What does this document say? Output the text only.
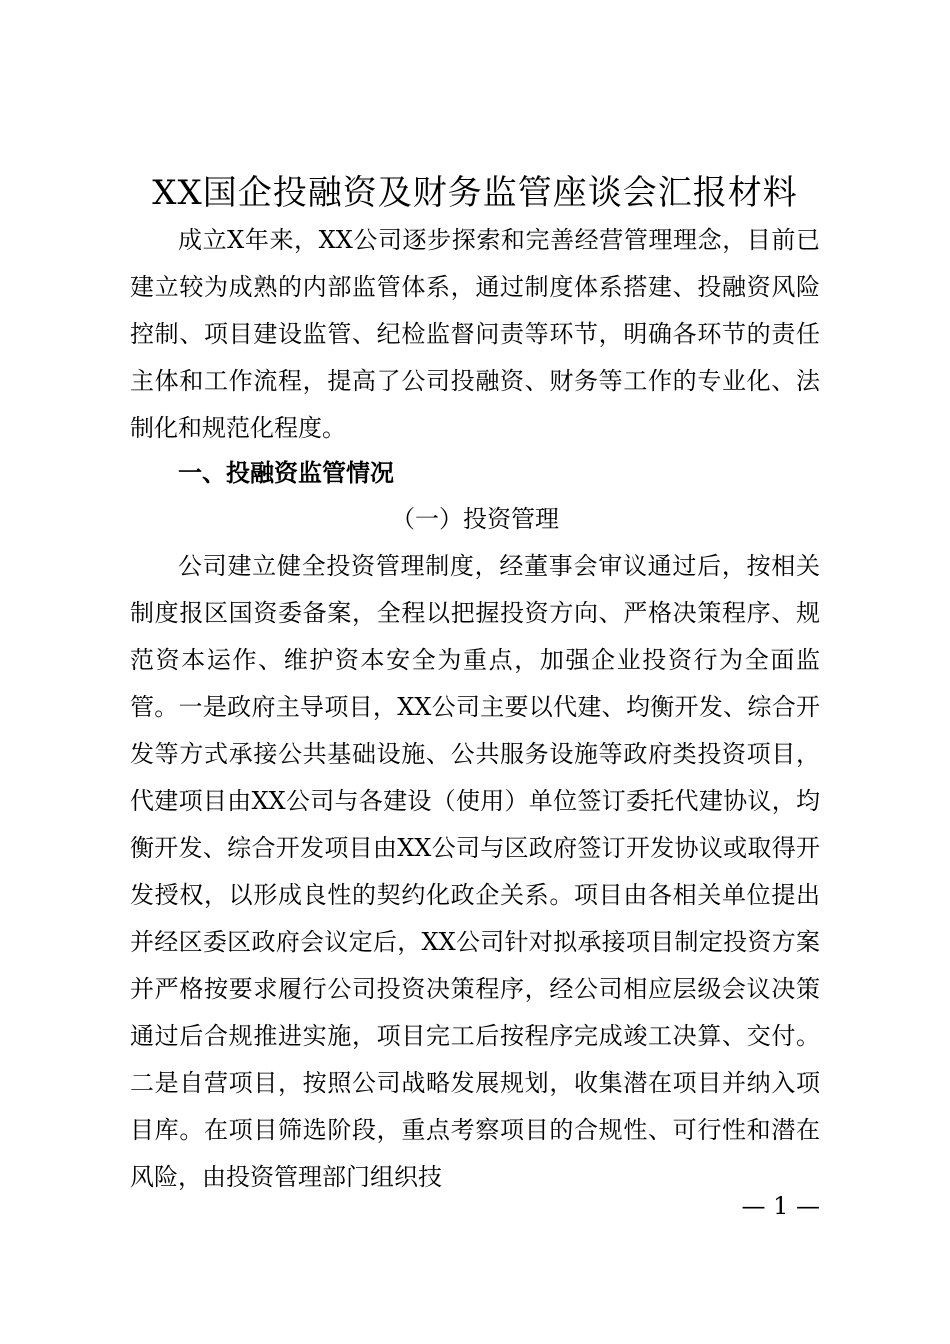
XX国企投融资及财务监管座谈会汇报材料

成立X年来，XX公司逐步探索和完善经营管理理念，目前已建立较为成熟的内部监管体系，通过制度体系搭建、投融资风险控制、项目建设监管、纪检监督问责等环节，明确各环节的责任主体和工作流程，提高了公司投融资、财务等工作的专业化、法制化和规范化程度。

一、投融资监管情况
（一）投资管理

公司建立健全投资管理制度，经董事会审议通过后，按相关制度报区国资委备案，全程以把握投资方向、严格决策程序、规范资本运作、维护资本安全为重点，加强企业投资行为全面监管。一是政府主导项目，XX公司主要以代建、均衡开发、综合开发等方式承接公共基础设施、公共服务设施等政府类投资项目，代建项目由XX公司与各建设（使用）单位签订委托代建协议，均衡开发、综合开发项目由XX公司与区政府签订开发协议或取得开发授权，以形成良性的契约化政企关系。项目由各相关单位提出并经区委区政府会议定后，XX公司针对拟承接项目制定投资方案并严格按要求履行公司投资决策程序，经公司相应层级会议决策通过后合规推进实施，项目完工后按程序完成竣工决算、交付。二是自营项目，按照公司战略发展规划，收集潜在项目并纳入项目库。在项目筛选阶段，重点考察项目的合规性、可行性和潜在风险，由投资管理部门组织技

— 1 —
